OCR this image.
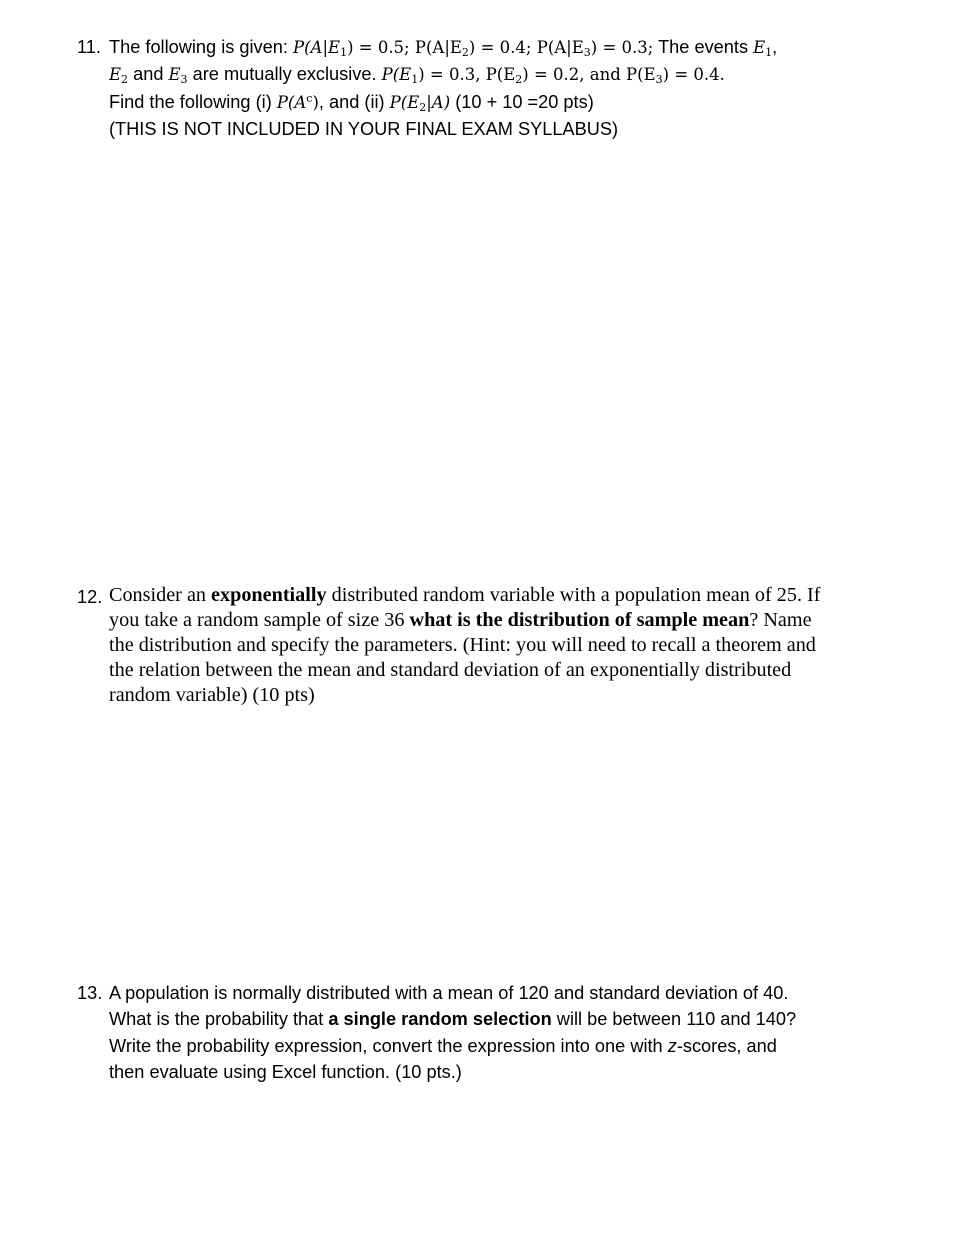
11. The following is given: $P(A|E_1) = 0.5$; $P(A|E_2) = 0.4$; $P(A|E_3) = 0.3$; The events $E_1$,
$E_2$ and $E_3$ are mutually exclusive. $P(E_1) = 0.3$, $P(E_2) = 0.2$, and $P(E_3) = 0.4$.
Find the following (i) $P(A^c)$, and (ii) $P(E_2|A) (10 + 10 =20$ pts)
(THIS IS NOT INCLUDED IN YOUR FINAL EXAM SYLLABUS)
12. Consider an exponentially distributed random variable with a population mean of 25. If
you take a random sample of size 36 what is the distribution of sample mean? Name
the distribution and specify the parameters. (Hint: you will need to recall a theorem and
the relation between the mean and standard deviation of an exponentially distributed
random variable) (10 pts)
13. A population is normally distributed with a mean of 120 and standard deviation of 40.
What is the probability that a single random selection will be between 110 and 140?
Write the probability expression, convert the expression into one with z-scores, and
then evaluate using Excel function. (10 pts.)
